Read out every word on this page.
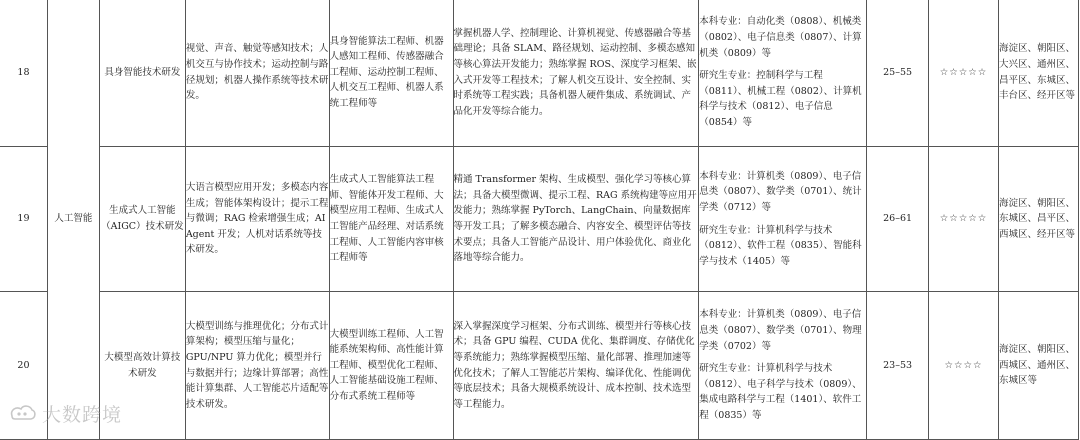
18	人工智能	具身智能技术研发	视觉、声音、触觉等感知技术；人机交互与协作技术；运动控制与路径规划；机器人操作系统等技术研发。	具身智能算法工程师、机器人感知工程师、传感器融合工程师、运动控制工程师、人机交互工程师、机器人系统工程师等	掌握机器人学、控制理论、计算机视觉、传感器融合等基础理论；具备 SLAM、路径规划、运动控制、多模态感知等核心算法开发能力；熟练掌握 ROS、深度学习框架、嵌入式开发等工程技术；了解人机交互设计、安全控制、实时系统等工程实践；具备机器人硬件集成、系统调试、产品化开发等综合能力。	本科专业：自动化类（0808）、机械类（0802）、电子信息类（0807）、计算机类（0809）等
研究生专业：控制科学与工程（0811）、机械工程（0802）、计算机科学与技术（0812）、电子信息（0854）等	25–55	☆☆☆☆☆	海淀区、朝阳区、大兴区、通州区、昌平区、东城区、丰台区、经开区等
19		生成式人工智能（AIGC）技术研发	大语言模型应用开发；多模态内容生成；智能体架构设计；提示工程与微调；RAG 检索增强生成；AI Agent 开发；人机对话系统等技术研发。	生成式人工智能算法工程师、智能体开发工程师、大模型应用工程师、生成式人工智能产品经理、对话系统工程师、人工智能内容审核工程师等	精通 Transformer 架构、生成模型、强化学习等核心算法；具备大模型微调、提示工程、RAG 系统构建等应用开发能力；熟练掌握 PyTorch、LangChain、向量数据库等开发工具；了解多模态融合、内容安全、模型评估等技术要点；具备人工智能产品设计、用户体验优化、商业化落地等综合能力。	本科专业：计算机类（0809）、电子信息类（0807）、数学类（0701）、统计学类（0712）等
研究生专业：计算机科学与技术（0812）、软件工程（0835）、智能科学与技术（1405）等	26–61	☆☆☆☆☆	海淀区、朝阳区、东城区、昌平区、西城区、经开区等
20		大模型高效计算技术研发	大模型训练与推理优化；分布式计算架构；模型压缩与量化；GPU/NPU 算力优化；模型并行与数据并行；边缘计算部署；高性能计算集群、人工智能芯片适配等技术研发。	大模型训练工程师、人工智能系统架构师、高性能计算工程师、模型优化工程师、人工智能基础设施工程师、分布式系统工程师等	深入掌握深度学习框架、分布式训练、模型并行等核心技术；具备 GPU 编程、CUDA 优化、集群调度、存储优化等系统能力；熟练掌握模型压缩、量化部署、推理加速等优化技术；了解人工智能芯片架构、编译优化、性能调优等底层技术；具备大规模系统设计、成本控制、技术选型等工程能力。	本科专业：计算机类（0809）、电子信息类（0807）、数学类（0701）、物理学类（0702）等
研究生专业：计算机科学与技术（0812）、电子科学与技术（0809）、集成电路科学与工程（1401）、软件工程（0835）等	23–53	☆☆☆☆	海淀区、朝阳区、西城区、通州区、东城区等
大数跨境
